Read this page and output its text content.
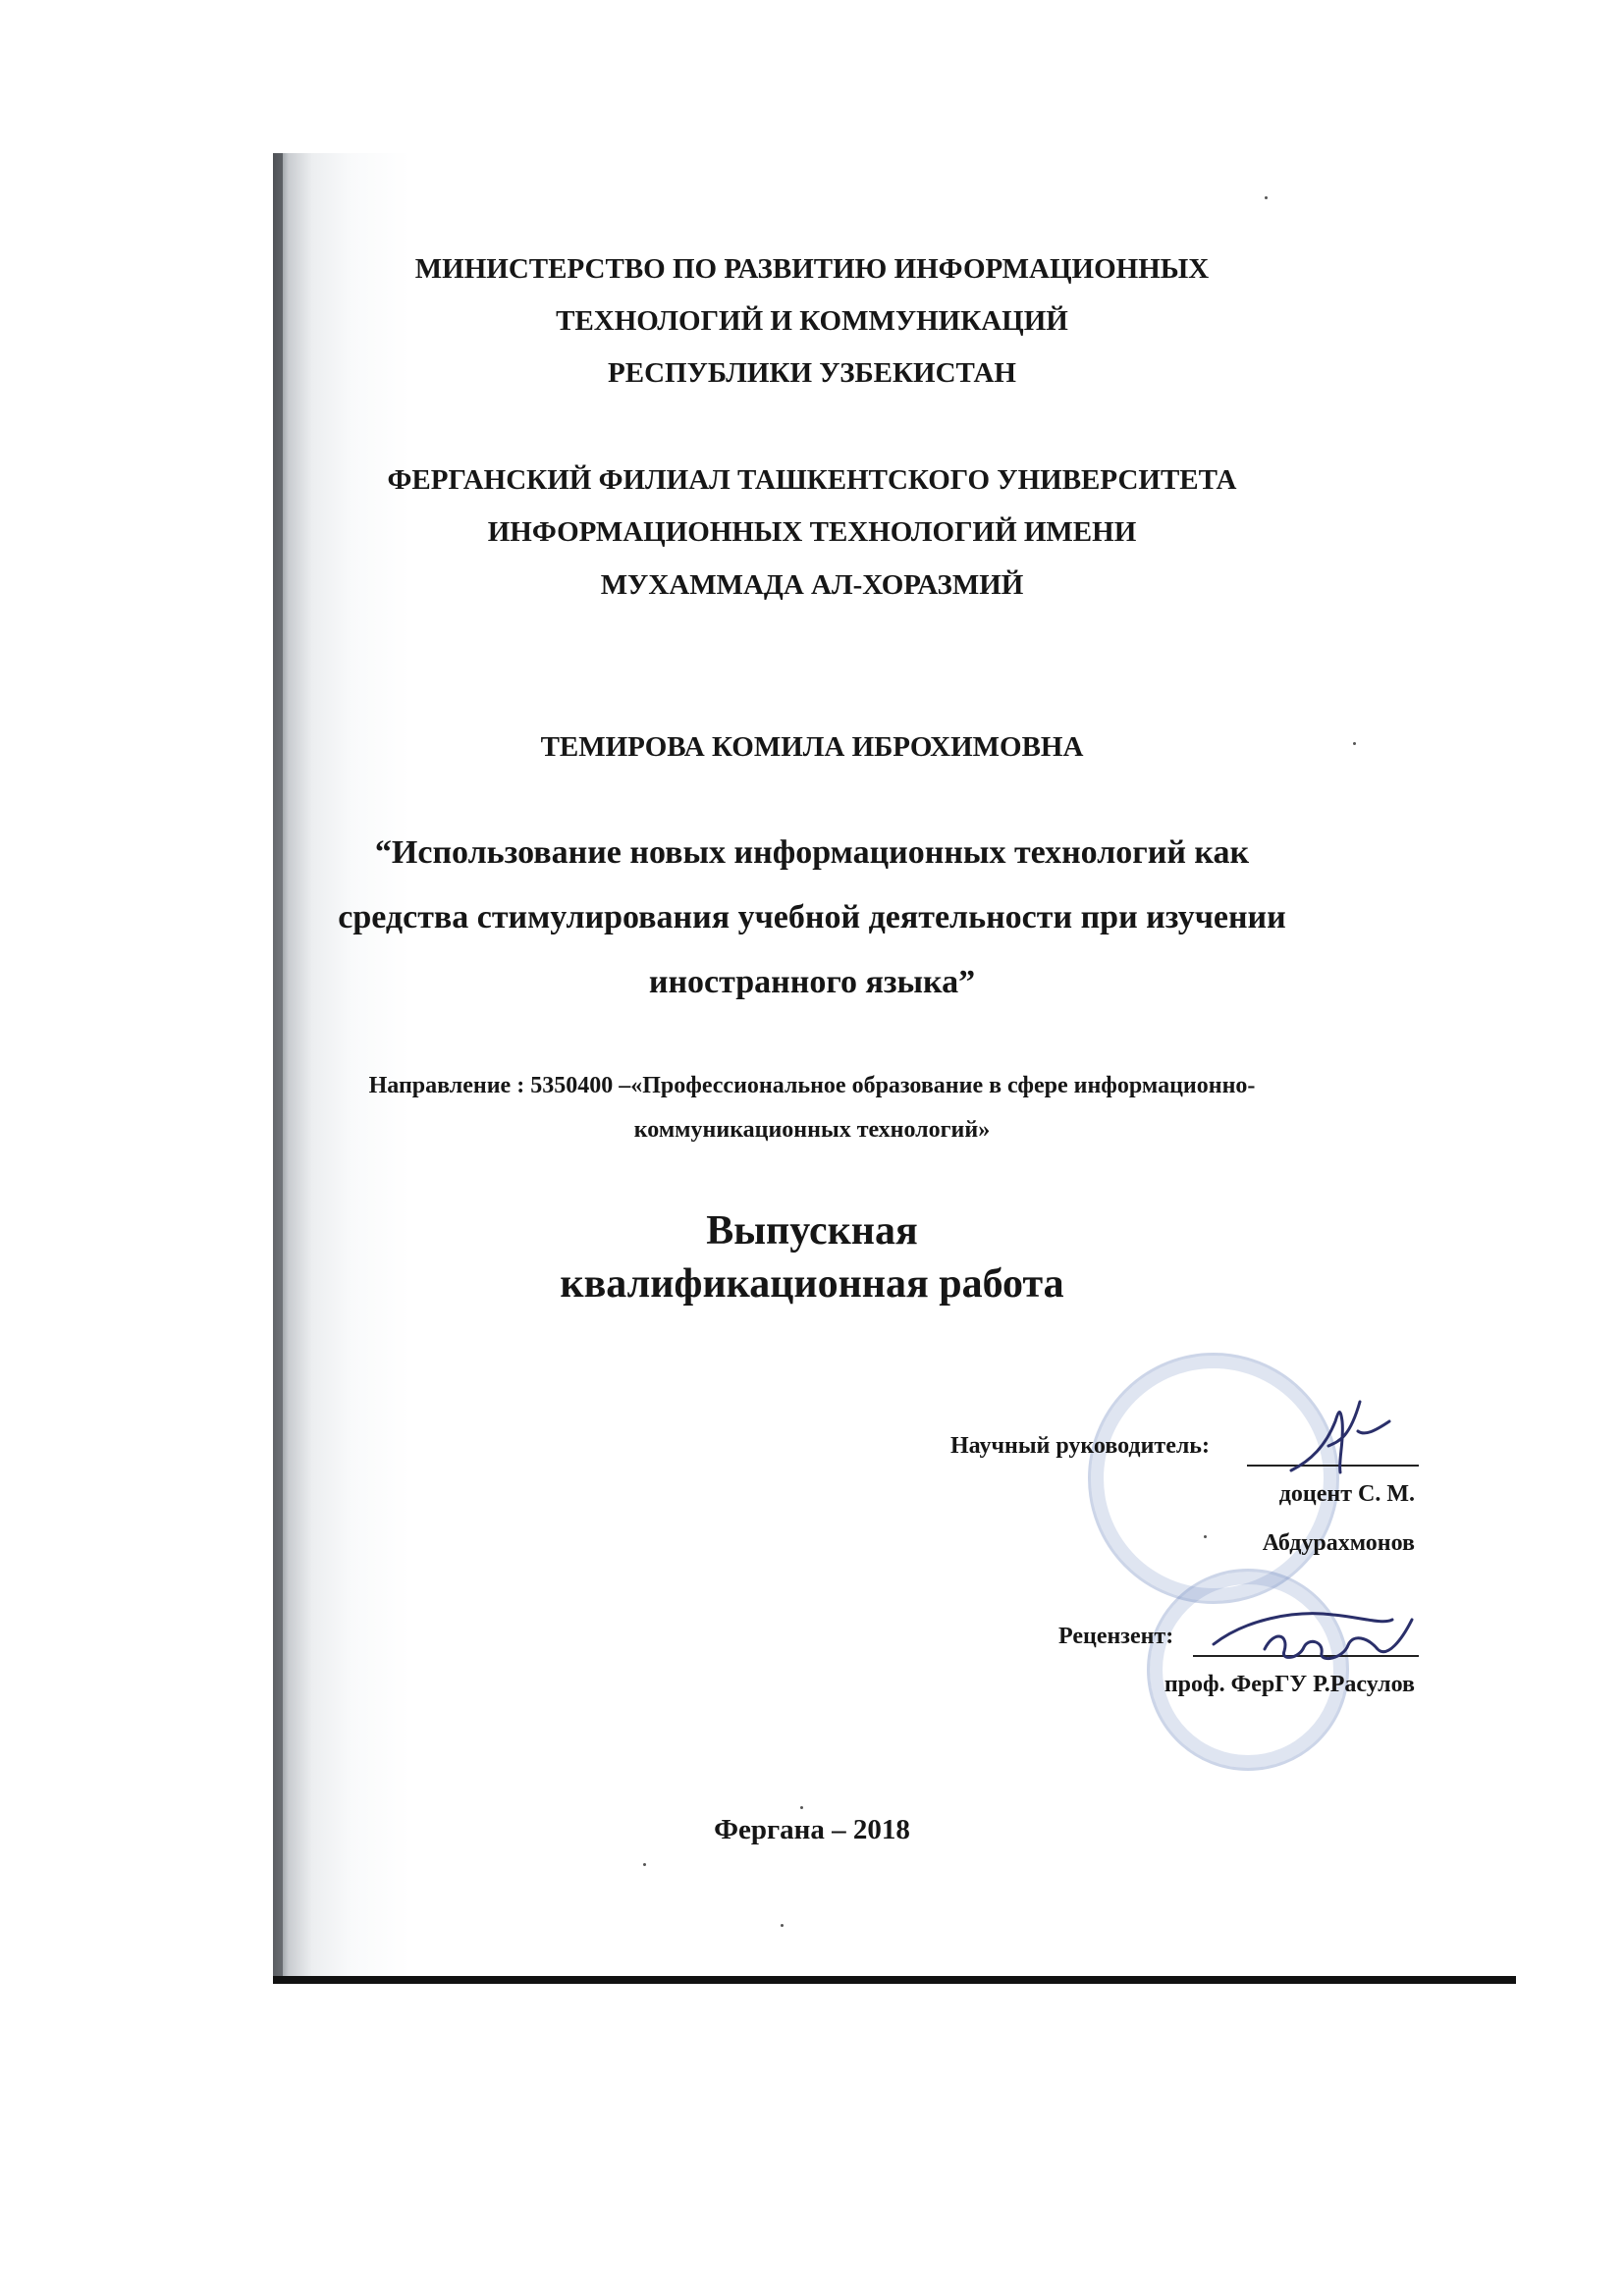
МИНИСТЕРСТВО ПО РАЗВИТИЮ ИНФОРМАЦИОННЫХ
ТЕХНОЛОГИЙ И КОММУНИКАЦИЙ
РЕСПУБЛИКИ УЗБЕКИСТАН
ФЕРГАНСКИЙ ФИЛИАЛ ТАШКЕНТСКОГО УНИВЕРСИТЕТА
ИНФОРМАЦИОННЫХ ТЕХНОЛОГИЙ ИМЕНИ
МУХАММАДА АЛ-ХОРАЗМИЙ
ТЕМИРОВА КОМИЛА ИБРОХИМОВНА
“Использование новых информационных технологий как
средства стимулирования учебной деятельности при изучении
иностранного языка”
Направление : 5350400 –«Профессиональное образование в сфере информационно-
коммуникационных технологий»
Выпускная
квалификационная работа
Научный руководитель:
доцент С. М.
Абдурахмонов
Рецензент:
проф. ФерГУ Р.Расулов
Фергана – 2018
